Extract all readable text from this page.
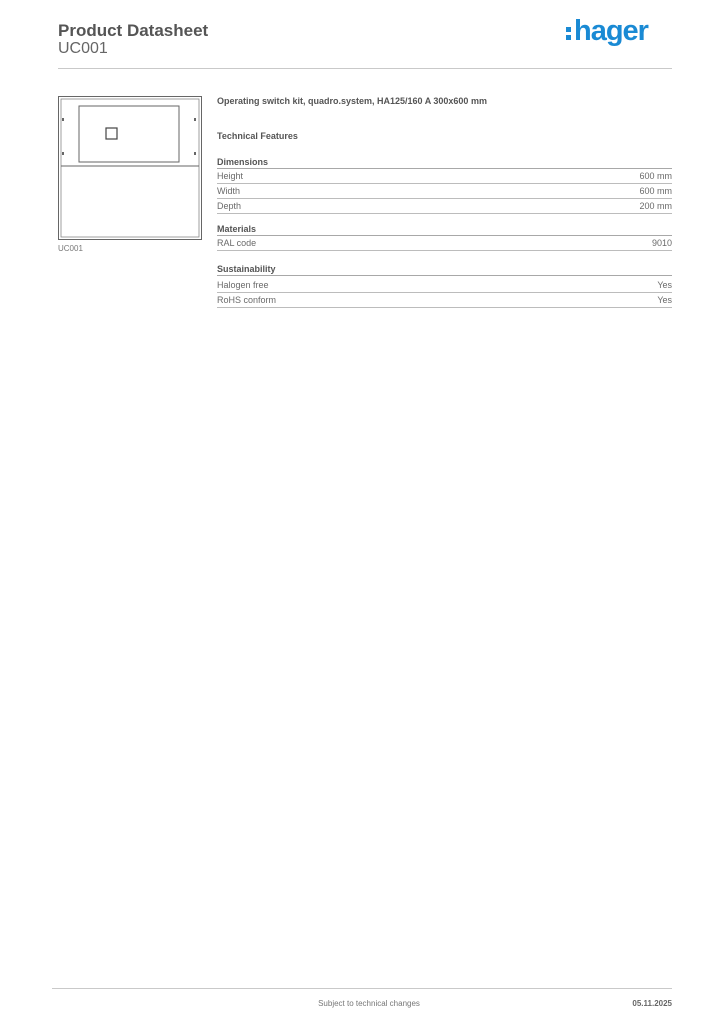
Product Datasheet
UC001
hager
UC001
Operating switch kit, quadro.system, HA125/160 A 300x600 mm
Technical Features
Dimensions
Height	600 mm
Width	600 mm
Depth	200 mm
Materials
RAL code	9010
Sustainability
Halogen free	Yes
RoHS conform	Yes
Subject to technical changes	05.11.2025
